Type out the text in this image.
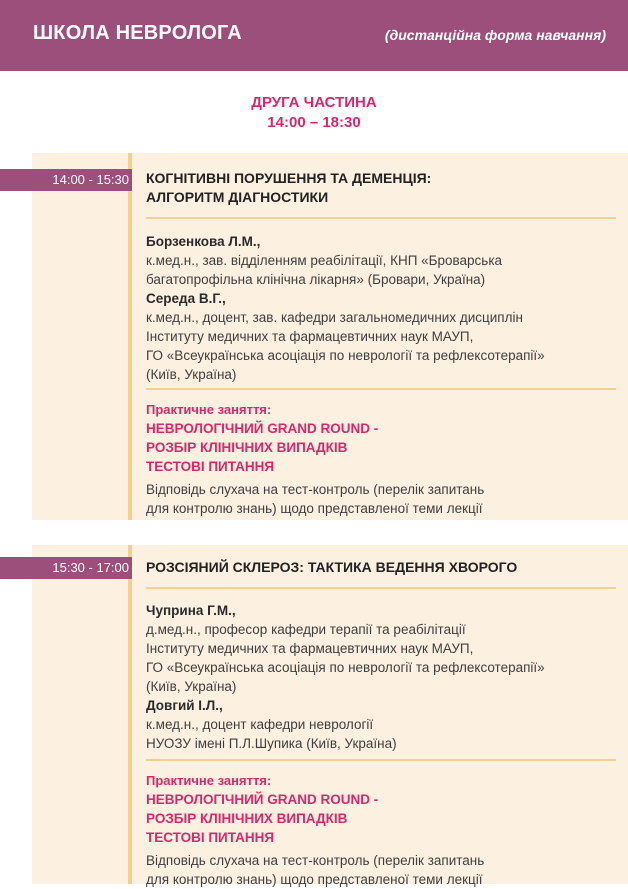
ШКОЛА НЕВРОЛОГА	(дистанційна форма навчання)
ДРУГА ЧАСТИНА
14:00 – 18:30
14:00 - 15:30 КОГНІТИВНІ ПОРУШЕННЯ ТА ДЕМЕНЦІЯ:
АЛГОРИТМ ДІАГНОСТИКИ
Борзенкова Л.М.,
к.мед.н., зав. відділенням реабілітації, КНП «Броварська
багатопрофільна клінічна лікарня» (Бровари, Україна)
Середа В.Г.,
к.мед.н., доцент, зав. кафедри загальномедичних дисциплін
Інституту медичних та фармацевтичних наук МАУП,
ГО «Всеукраїнська асоціація по неврології та рефлексотерапії»
(Київ, Україна)
Практичне заняття:
НЕВРОЛОГІЧНИЙ GRAND ROUND -
РОЗБІР КЛІНІЧНИХ ВИПАДКІВ
ТЕСТОВІ ПИТАННЯ
Відповідь слухача на тест-контроль (перелік запитань
для контролю знань) щодо представленої теми лекції
15:30 - 17:00 РОЗСІЯНИЙ СКЛЕРОЗ: ТАКТИКА ВЕДЕННЯ ХВОРОГО
Чуприна Г.М.,
д.мед.н., професор кафедри терапії та реабілітації
Інституту медичних та фармацевтичних наук МАУП,
ГО «Всеукраїнська асоціація по неврології та рефлексотерапії»
(Київ, Україна)
Довгий І.Л.,
к.мед.н., доцент кафедри неврології
НУОЗУ імені П.Л.Шупика (Київ, Україна)
Практичне заняття:
НЕВРОЛОГІЧНИЙ GRAND ROUND -
РОЗБІР КЛІНІЧНИХ ВИПАДКІВ
ТЕСТОВІ ПИТАННЯ
Відповідь слухача на тест-контроль (перелік запитань
для контролю знань) щодо представленої теми лекції
